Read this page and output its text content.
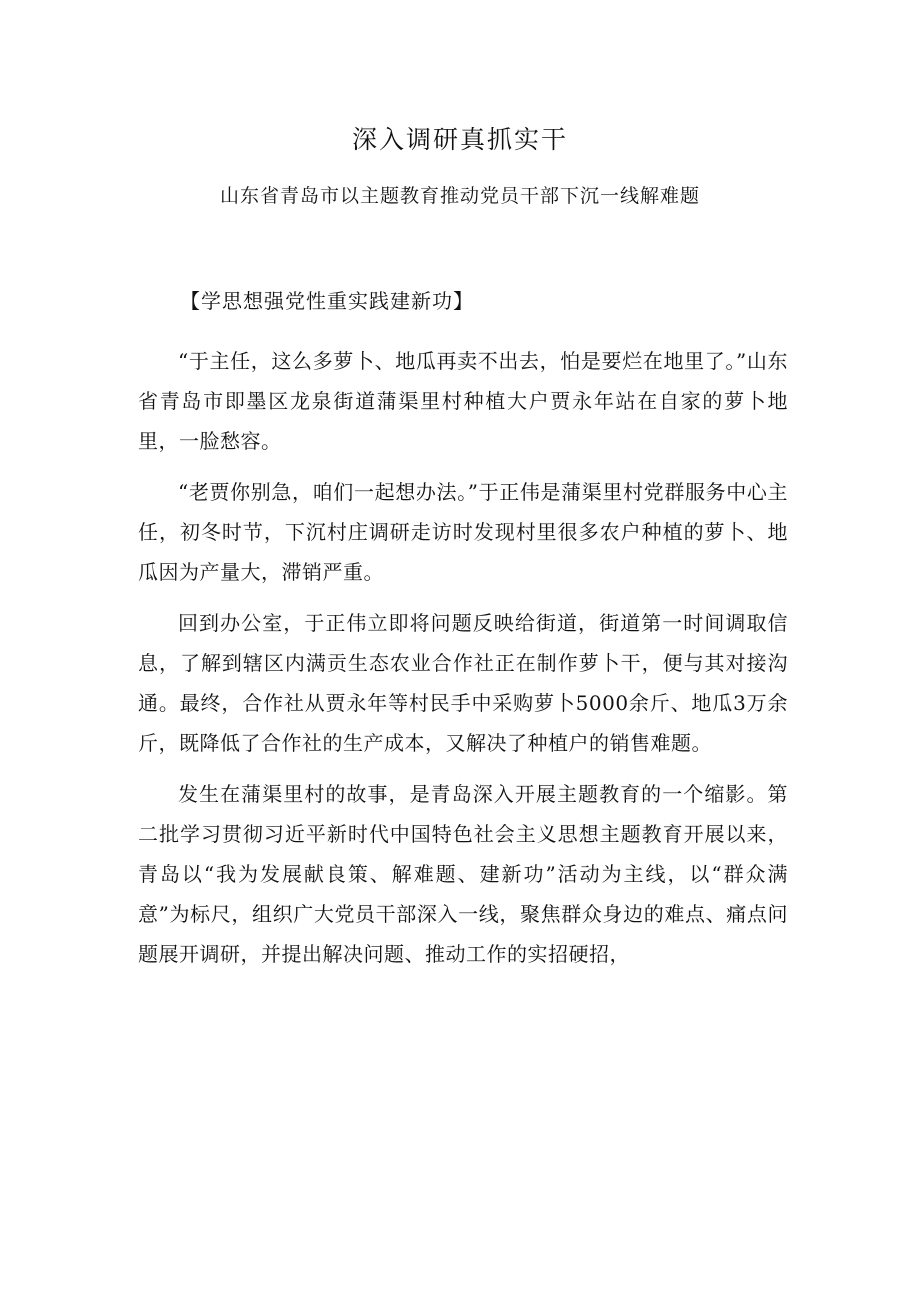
深入调研真抓实干
山东省青岛市以主题教育推动党员干部下沉一线解难题
【学思想强党性重实践建新功】

“于主任，这么多萝卜、地瓜再卖不出去，怕是要烂在地里了。”山东省青岛市即墨区龙泉街道蒲渠里村种植大户贾永年站在自家的萝卜地里，一脸愁容。

“老贾你别急，咱们一起想办法。”于正伟是蒲渠里村党群服务中心主任，初冬时节，下沉村庄调研走访时发现村里很多农户种植的萝卜、地瓜因为产量大，滞销严重。

回到办公室，于正伟立即将问题反映给街道，街道第一时间调取信息，了解到辖区内满贡生态农业合作社正在制作萝卜干，便与其对接沟通。最终，合作社从贾永年等村民手中采购萝卜5000余斤、地瓜3万余斤，既降低了合作社的生产成本，又解决了种植户的销售难题。

发生在蒲渠里村的故事，是青岛深入开展主题教育的一个缩影。第二批学习贯彻习近平新时代中国特色社会主义思想主题教育开展以来，青岛以“我为发展献良策、解难题、建新功”活动为主线，以“群众满意”为标尺，组织广大党员干部深入一线，聚焦群众身边的难点、痛点问题展开调研，并提出解决问题、推动工作的实招硬招，
